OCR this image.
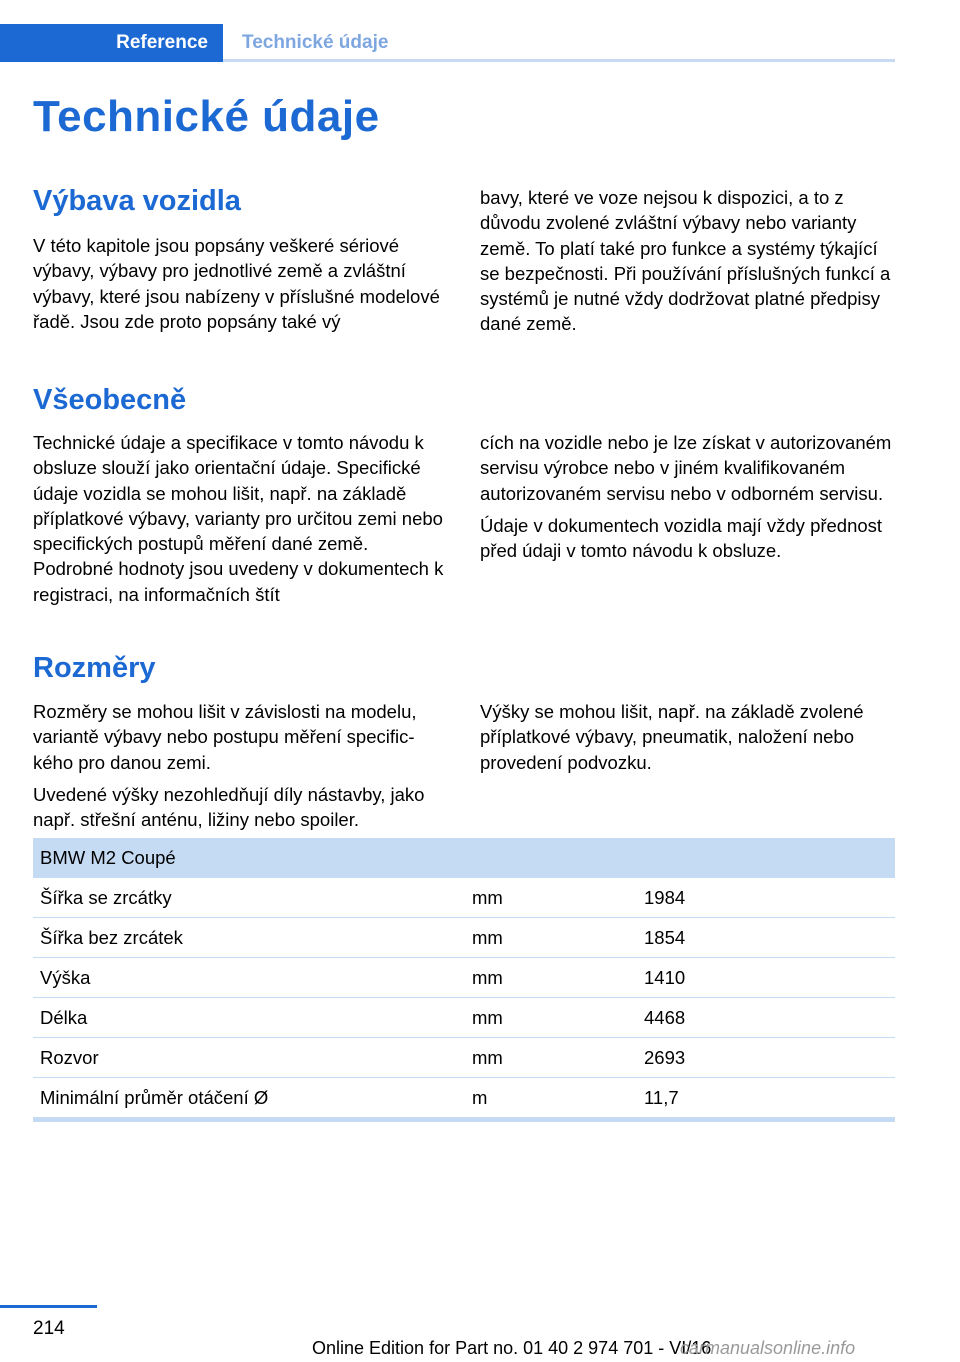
Reference	Technické údaje
Technické údaje
Výbava vozidla

V této kapitole jsou popsány veškeré sériové výbavy, výbavy pro jednotlivé země a zvláštní výbavy, které jsou nabízeny v příslušné modelové řadě. Jsou zde proto popsány také vý

bavy, které ve voze nejsou k dispozici, a to z důvodu zvolené zvláštní výbavy nebo varianty země. To platí také pro funkce a systémy týkající se bezpečnosti. Při používání příslušných funkcí a systémů je nutné vždy dodržovat platné předpisy dané země.

Všeobecně

Technické údaje a specifikace v tomto návodu k obsluze slouží jako orientační údaje. Specifické údaje vozidla se mohou lišit, např. na základě příplatkové výbavy, varianty pro určitou zemi nebo specifických postupů měření dané země. Podrobné hodnoty jsou uvedeny v dokumentech k registraci, na informačních štít

cích na vozidle nebo je lze získat v autorizovaném servisu výrobce nebo v jiném kvalifikovaném autorizovaném servisu nebo v odborném servisu.

Údaje v dokumentech vozidla mají vždy přednost před údaji v tomto návodu k obsluze.

Rozměry

Rozměry se mohou lišit v závislosti na modelu, variantě výbavy nebo postupu měření specifického pro danou zemi.

Uvedené výšky nezohledňují díly nástavby, jako např. střešní anténu, ližiny nebo spoiler.

Výšky se mohou lišit, např. na základě zvolené příplatkové výbavy, pneumatik, naložení nebo provedení podvozku.

BMW M2 Coupé		
Šířka se zrcátky	mm	1984
Šířka bez zrcátek	mm	1854
Výška	mm	1410
Délka	mm	4468
Rozvor	mm	2693
Minimální průměr otáčení Ø	m	11,7
214
Online Edition for Part no. 01 40 2 974 701 - VI/16
carmanualsonline.info
